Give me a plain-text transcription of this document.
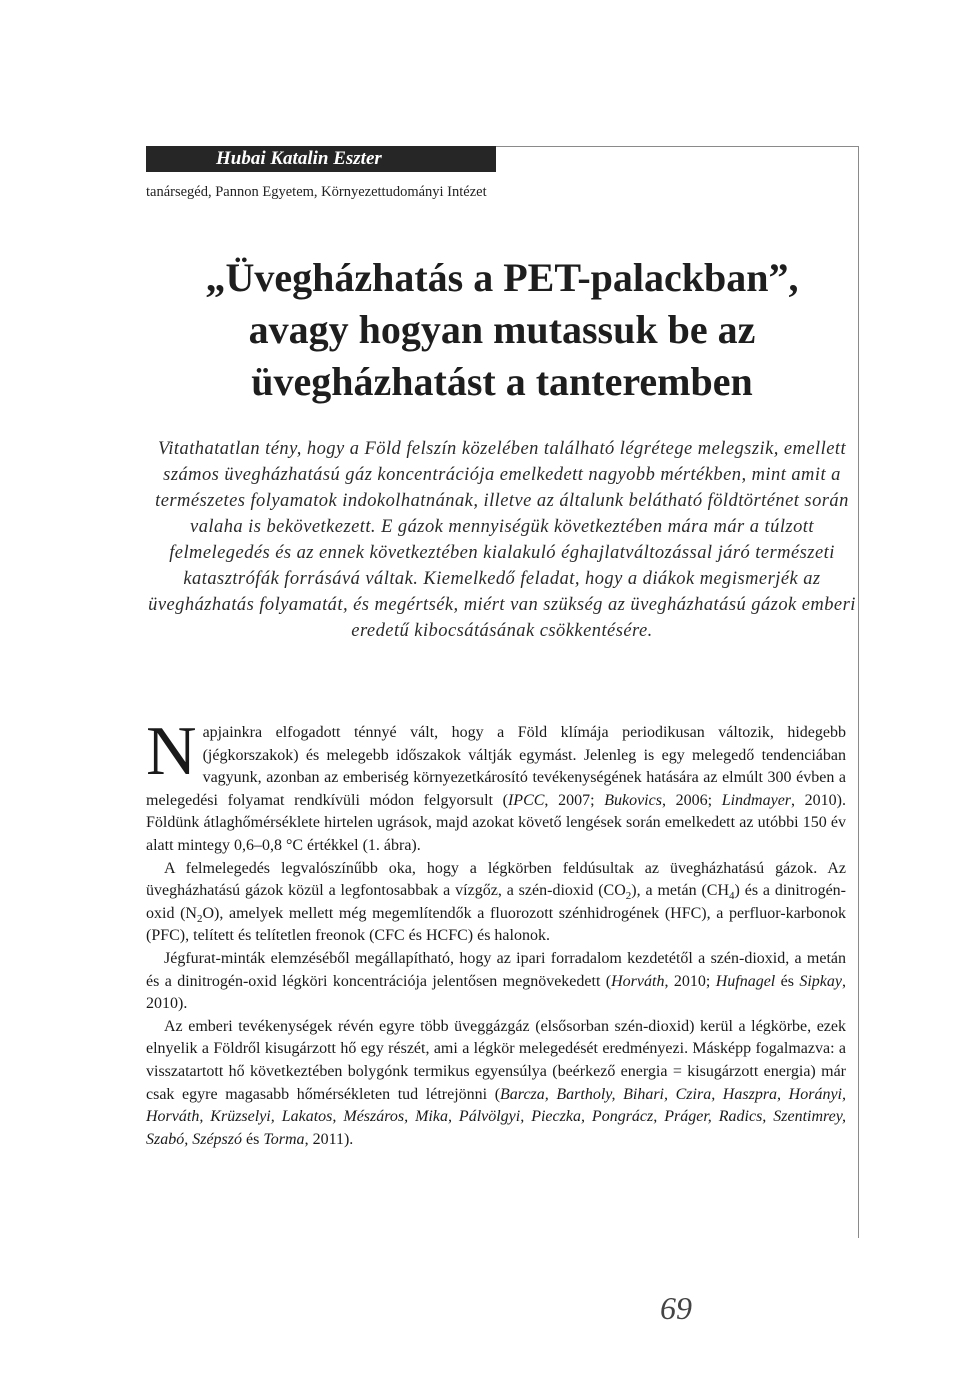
Hubai Katalin Eszter
tanársegéd, Pannon Egyetem, Környezettudományi Intézet
„Üvegházhatás a PET-palackban”,
avagy hogyan mutassuk be az
üvegházhatást a tanteremben
Vitathatatlan tény, hogy a Föld felszín közelében található légrétege melegszik, emellett számos üvegházhatású gáz koncentrációja emelkedett nagyobb mértékben, mint amit a természetes folyamatok indokolhatnának, illetve az általunk belátható földtörténet során valaha is bekövetkezett. E gázok mennyiségük következtében mára már a túlzott felmelegedés és az ennek következtében kialakuló éghajlatváltozással járó természeti katasztrófák forrásává váltak. Kiemelkedő feladat, hogy a diákok megismerjék az üvegházhatás folyamatát, és megértsék, miért van szükség az üvegházhatású gázok emberi eredetű kibocsátásának csökkentésére.

Napjainkra elfogadott ténnyé vált, hogy a Föld klímája periodikusan változik, hidegebb (jégkorszakok) és melegebb időszakok váltják egymást. Jelenleg is egy melegedő tendenciában vagyunk, azonban az emberiség környezetkárosító tevékenységének hatására az elmúlt 300 évben a melegedési folyamat rendkívüli módon felgyorsult (IPCC, 2007; Bukovics, 2006; Lindmayer, 2010). Földünk átlaghőmérséklete hirtelen ugrások, majd azokat követő lengések során emelkedett az utóbbi 150 év alatt mintegy 0,6–0,8 °C értékkel (1. ábra).

A felmelegedés legvalószínűbb oka, hogy a légkörben feldúsultak az üvegházhatású gázok. Az üvegházhatású gázok közül a legfontosabbak a vízgőz, a szén-dioxid $(CO_2)$, a metán $(CH_4)$ és a dinitrogén-oxid $(N_2O)$, amelyek mellett még megemlítendők a fluorozott szénhidrogének (HFC), a perfluor-karbonok (PFC), telített és telítetlen freonok (CFC és HCFC) és halonok.

Jégfurat-minták elemzéséből megállapítható, hogy az ipari forradalom kezdetétől a szén-dioxid, a metán és a dinitrogén-oxid légköri koncentrációja jelentősen megnövekedett (Horváth, 2010; Hufnagel és Sipkay, 2010).

Az emberi tevékenységek révén egyre több üveggázgáz (elsősorban szén-dioxid) kerül a légkörbe, ezek elnyelik a Földről kisugárzott hő egy részét, ami a légkör melegedését eredményezi. Másképp fogalmazva: a visszatartott hő következtében bolygónk termikus egyensúlya (beérkező energia = kisugárzott energia) már csak egyre magasabb hőmérsékleten tud létrejönni (Barcza, Bartholy, Bihari, Czira, Haszpra, Horányi, Horváth, Krüzselyi, Lakatos, Mészáros, Mika, Pálvölgyi, Pieczka, Pongrácz, Práger, Radics, Szentimrey, Szabó, Szépszó és Torma, 2011).

69
